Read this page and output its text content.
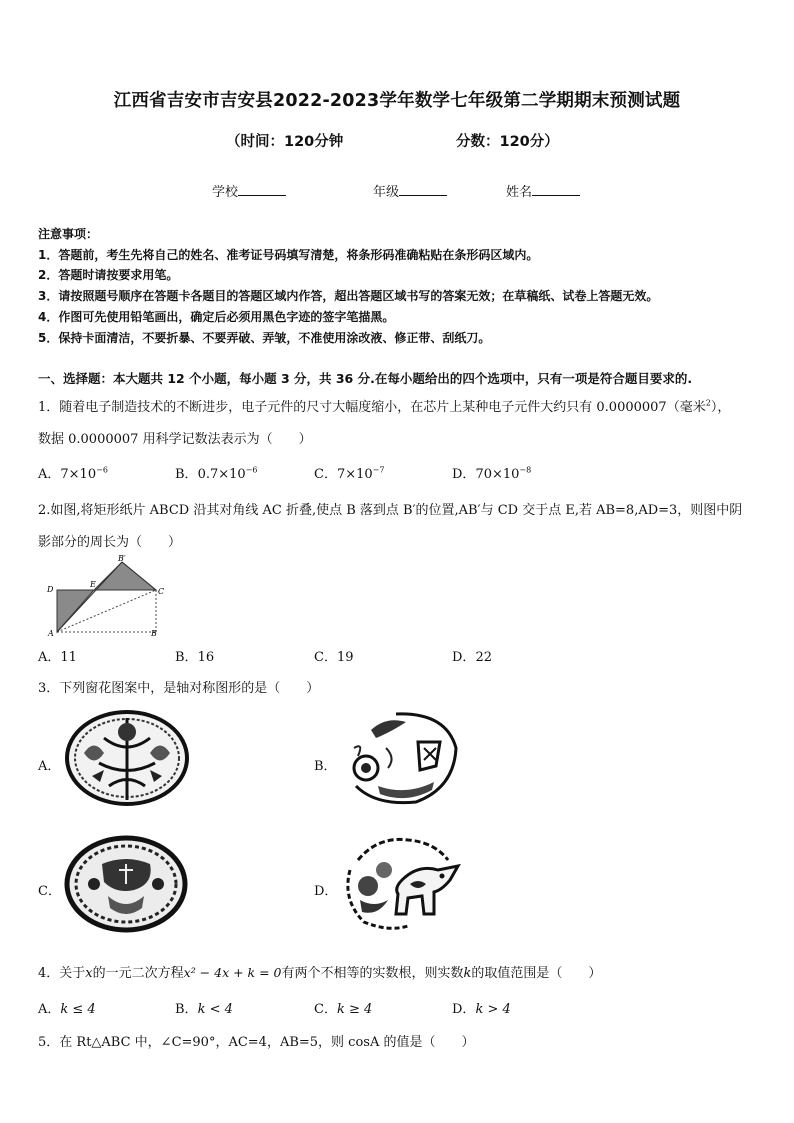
江西省吉安市吉安县2022-2023学年数学七年级第二学期期末预测试题
（时间：120分钟	分数：120分）
学校	年级	姓名
注意事项：
1．答题前，考生先将自己的姓名、准考证号码填写清楚，将条形码准确粘贴在条形码区域内。
2．答题时请按要求用笔。
3．请按照题号顺序在答题卡各题目的答题区域内作答，超出答题区域书写的答案无效；在草稿纸、试卷上答题无效。
4．作图可先使用铅笔画出，确定后必须用黑色字迹的签字笔描黑。
5．保持卡面清洁，不要折暴、不要弄破、弄皱，不准使用涂改液、修正带、刮纸刀。
一、选择题：本大题共 12 个小题，每小题 3 分，共 36 分.在每小题给出的四个选项中，只有一项是符合题目要求的.
1．随着电子制造技术的不断进步，电子元件的尺寸大幅度缩小，在芯片上某种电子元件大约只有 0.0000007（毫米$^2$），
数据 0.0000007 用科学记数法表示为（　　）
A．$7\times 10^{-6}$	B．$0.7\times 10^{-6}$	C．$7\times 10^{-7}$	D．$70\times 10^{-8}$
2.如图,将矩形纸片 ABCD 沿其对角线 AC 折叠,使点 B 落到点 B′的位置,AB′与 CD 交于点 E,若 AB=8,AD=3，则图中阴
影部分的周长为（　　）
B′
D
E
C
A	B
A．11	B．16	C．19	D．22
3．下列窗花图案中，是轴对称图形的是（　　）
A．	B．
C．	D．
4．关于x的一元二次方程x² − 4x + k = 0有两个不相等的实数根，则实数k的取值范围是（　　）
A．k ≤ 4	B．k < 4	C．k ≥ 4	D．k > 4
5．在 Rt△ABC 中，∠C=90°，AC=4，AB=5，则 cosA 的值是（　　）
